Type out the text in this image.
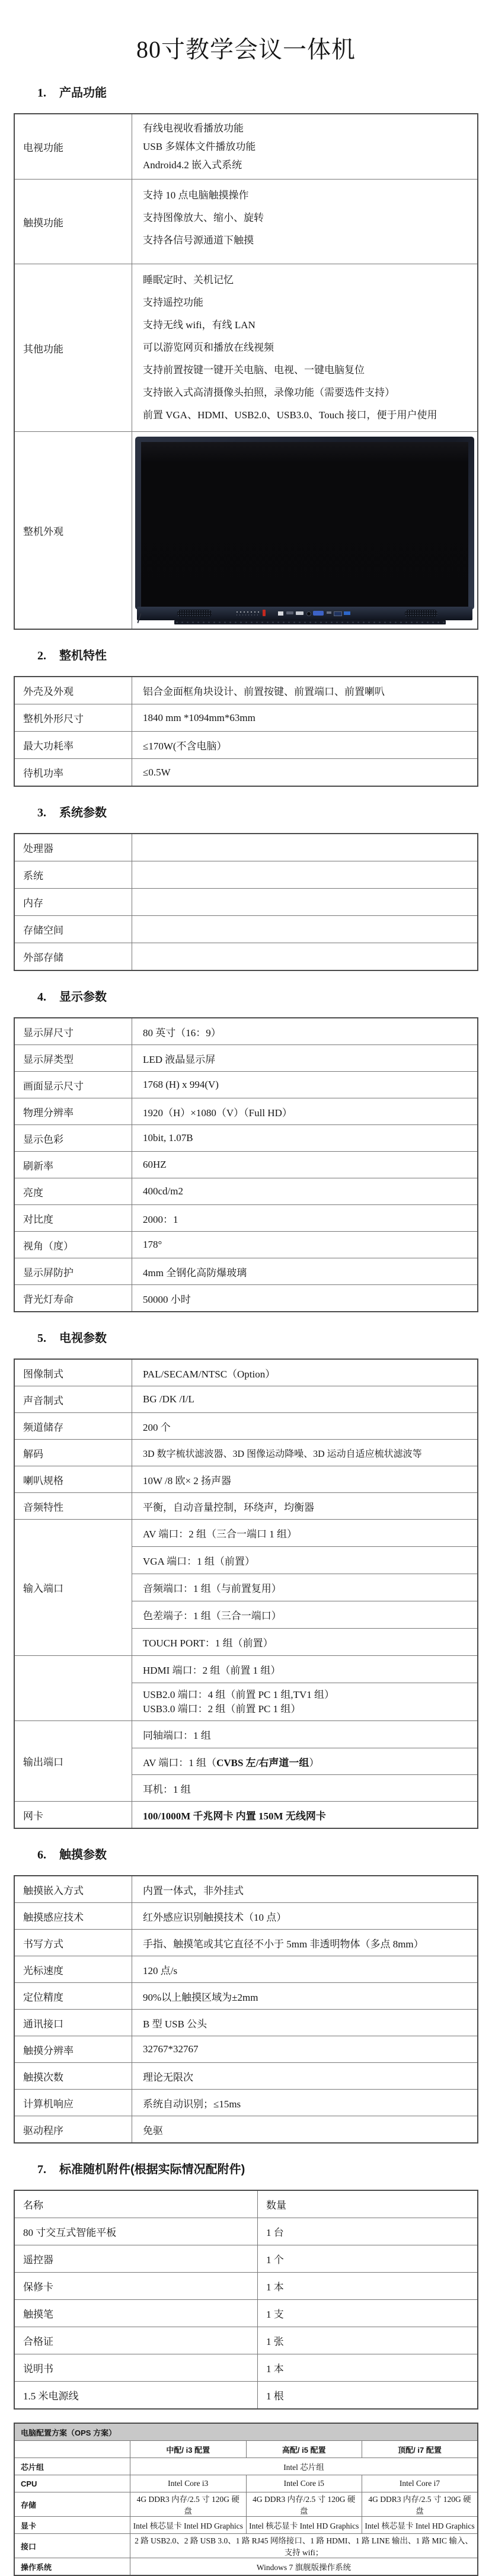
80寸教学会议一体机
1. 产品功能
电视功能	有线电视收看播放功能
USB 多媒体文件播放功能
Android4.2 嵌入式系统

触摸功能	支持 10 点电脑触摸操作
支持图像放大、缩小、旋转
支持各信号源通道下触摸

其他功能	
睡眠定时、关机记忆
支持遥控功能
支持无线 wifi，有线 LAN
可以游览网页和播放在线视频
支持前置按键一键开关电脑、电视、一键电脑复位
支持嵌入式高清摄像头拍照，录像功能（需要选件支持）
前置 VGA、HDMI、USB2.0、USB3.0、Touch 接口，便于用户使用

整机外观	
2. 整机特性
外壳及外观	铝合金面框角块设计、前置按键、前置端口、前置喇叭
整机外形尺寸	1840 mm *1094mm*63mm
最大功耗率	≤170W(不含电脑）
待机功率	≤0.5W
3. 系统参数
处理器	
系统	
内存	
存储空间	
外部存储	
4. 显示参数
显示屏尺寸	80 英寸（16：9）
显示屏类型	LED 液晶显示屏
画面显示尺寸	1768 (H) x 994(V)
物理分辨率	1920（H）×1080（V）（Full HD）
显示色彩	10bit, 1.07B
刷新率	60HZ
亮度	400cd/m2
对比度	2000：1
视角（度）	178°
显示屏防护	4mm 全钢化高防爆玻璃
背光灯寿命	50000 小时
5. 电视参数
图像制式	PAL/SECAM/NTSC（Option）
声音制式	BG /DK /I/L
频道储存	200 个
解码	3D 数字梳状滤波器、3D 图像运动降噪、3D 运动自适应梳状滤波等
喇叭规格	10W /8 欧× 2 扬声器
音频特性	平衡，自动音量控制，环绕声，均衡器
输入端口	AV 端口：2 组（三合一端口 1 组）
	VGA 端口：1 组（前置）
	音频端口：1 组（与前置复用）
	色差端子：1 组（三合一端口）
	TOUCH PORT：1 组（前置）
	HDMI 端口：2 组（前置 1 组）

	USB2.0 端口：4 组（前置 PC 1 组,TV1 组）
USB3.0 端口：2 组（前置 PC 1 组）

输出端口	同轴端口：1 组
	AV 端口：1 组（CVBS 左/右声道一组）
	耳机：1 组
网卡	100/1000M 千兆网卡 内置 150M 无线网卡
6. 触摸参数
触摸嵌入方式	内置一体式，非外挂式
触摸感应技术	红外感应识别触摸技术（10 点）
书写方式	手指、触摸笔或其它直径不小于 5mm 非透明物体（多点 8mm）
光标速度	120 点/s
定位精度	90%以上触摸区域为±2mm
通讯接口	B 型 USB 公头
触摸分辨率	32767*32767
触摸次数	理论无限次
计算机响应	系统自动识别；≤15ms
驱动程序	免驱
7. 标准随机附件(根据实际情况配附件)
名称	数量
80 寸交互式智能平板	1 台
遥控器	1 个
保修卡	1 本
触摸笔	1 支
合格证	1 张
说明书	1 本
1.5 米电源线	1 根
电脑配置方案（OPS 方案）			
	中配/ i3 配置	高配/ i5 配置	顶配/ i7 配置
芯片组	Intel 芯片组		
CPU	Intel Core i3	Intel Core i5	Intel Core i7
存储	4G DDR3 内存/2.5 寸 120G 硬盘	4G DDR3 内存/2.5 寸 120G 硬盘	4G DDR3 内存/2.5 寸 120G 硬盘
显卡	Intel 核芯显卡 Intel HD Graphics	Intel 核芯显卡 Intel HD Graphics	Intel 核芯显卡 Intel HD Graphics
接口	2 路 USB2.0、2 路 USB 3.0、1 路 RJ45 网络接口、1 路 HDMI、1 路 LINE 输出、1 路 MIC 输入、支持 wifi；		
操作系统	Windows 7 旗舰版操作系统		
